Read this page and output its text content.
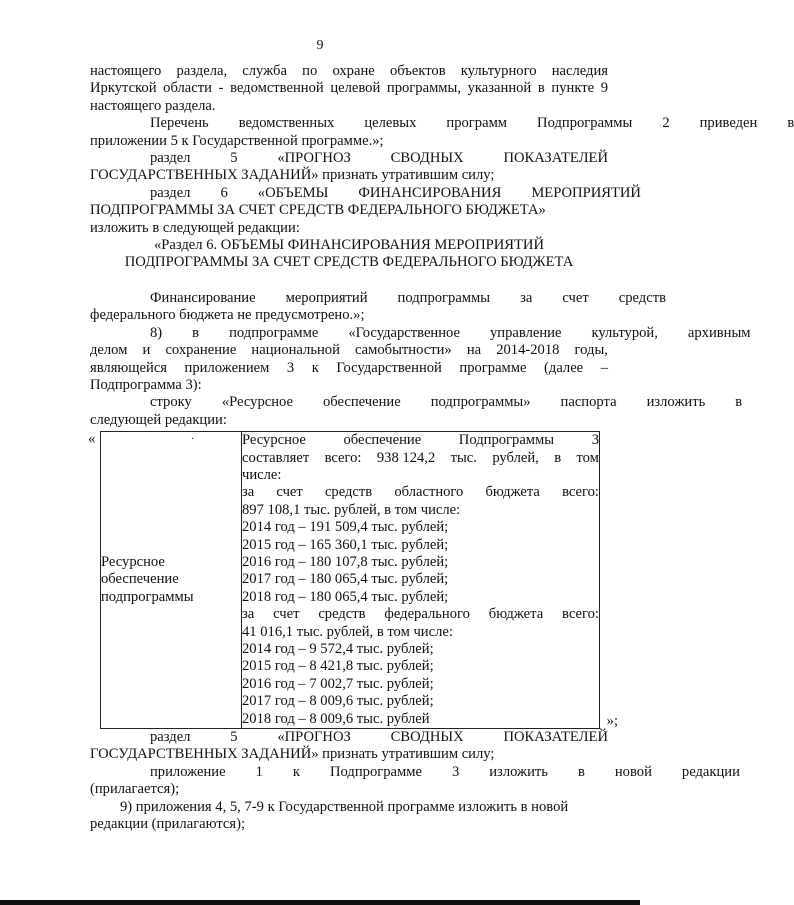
9
настоящего раздела, служба по охране объектов культурного наследия
Иркутской области - ведомственной целевой программы, указанной в пункте 9

настоящего раздела.

Перечень	ведомственных	целевых	программ	Подпрограммы	2	приведен	в

приложении 5 к Государственной программе.»;

раздел	5	«ПРОГНОЗ	СВОДНЫХ	ПОКАЗАТЕЛЕЙ

ГОСУДАРСТВЕННЫХ ЗАДАНИЙ» признать утратившим силу;

раздел	6	«ОБЪЕМЫ	ФИНАНСИРОВАНИЯ	МЕРОПРИЯТИЙ

ПОДПРОГРАММЫ ЗА СЧЕТ СРЕДСТВ ФЕДЕРАЛЬНОГО БЮДЖЕТА»

изложить в следующей редакции:

«Раздел 6. ОБЪЕМЫ ФИНАНСИРОВАНИЯ МЕРОПРИЯТИЙ

ПОДПРОГРАММЫ ЗА СЧЕТ СРЕДСТВ ФЕДЕРАЛЬНОГО БЮДЖЕТА

Финансирование	мероприятий	подпрограммы	за	счет	средств

федерального бюджета не предусмотрено.»;

8)	в	подпрограмме	«Государственное	управление	культурой,	архивным
делом и сохранение национальной самобытности» на 2014-2018 годы,
являющейся приложением 3 к Государственной программе (далее –

Подпрограмма 3):

строку	«Ресурсное	обеспечение	подпрограммы»	паспорта	изложить	в

следующей редакции:

«	·
Ресурсное обеспечение подпрограммы	
Ресурсное	обеспечение	Подпрограммы	3
составляет всего: 938 124,2 тыс. рублей, в том

числе:

за счет средств областного бюджета всего:

897 108,1 тыс. рублей, в том числе:

2014 год – 191 509,4 тыс. рублей;

2015 год – 165 360,1 тыс. рублей;

2016 год – 180 107,8 тыс. рублей;

2017 год – 180 065,4 тыс. рублей;

2018 год – 180 065,4 тыс. рублей;

за счет средств федерального бюджета всего:

41 016,1 тыс. рублей, в том числе:

2014 год – 9 572,4 тыс. рублей;

2015 год – 8 421,8 тыс. рублей;

2016 год – 7 002,7 тыс. рублей;

2017 год – 8 009,6 тыс. рублей;

2018 год – 8 009,6 тыс. рублей	»;
раздел	5	«ПРОГНОЗ	СВОДНЫХ	ПОКАЗАТЕЛЕЙ

ГОСУДАРСТВЕННЫХ ЗАДАНИЙ» признать утратившим силу;

приложение	1	к	Подпрограмме	3	изложить	в	новой	редакции

(прилагается);

9) приложения 4, 5, 7-9 к Государственной программе изложить в новой

редакции (прилагаются);
